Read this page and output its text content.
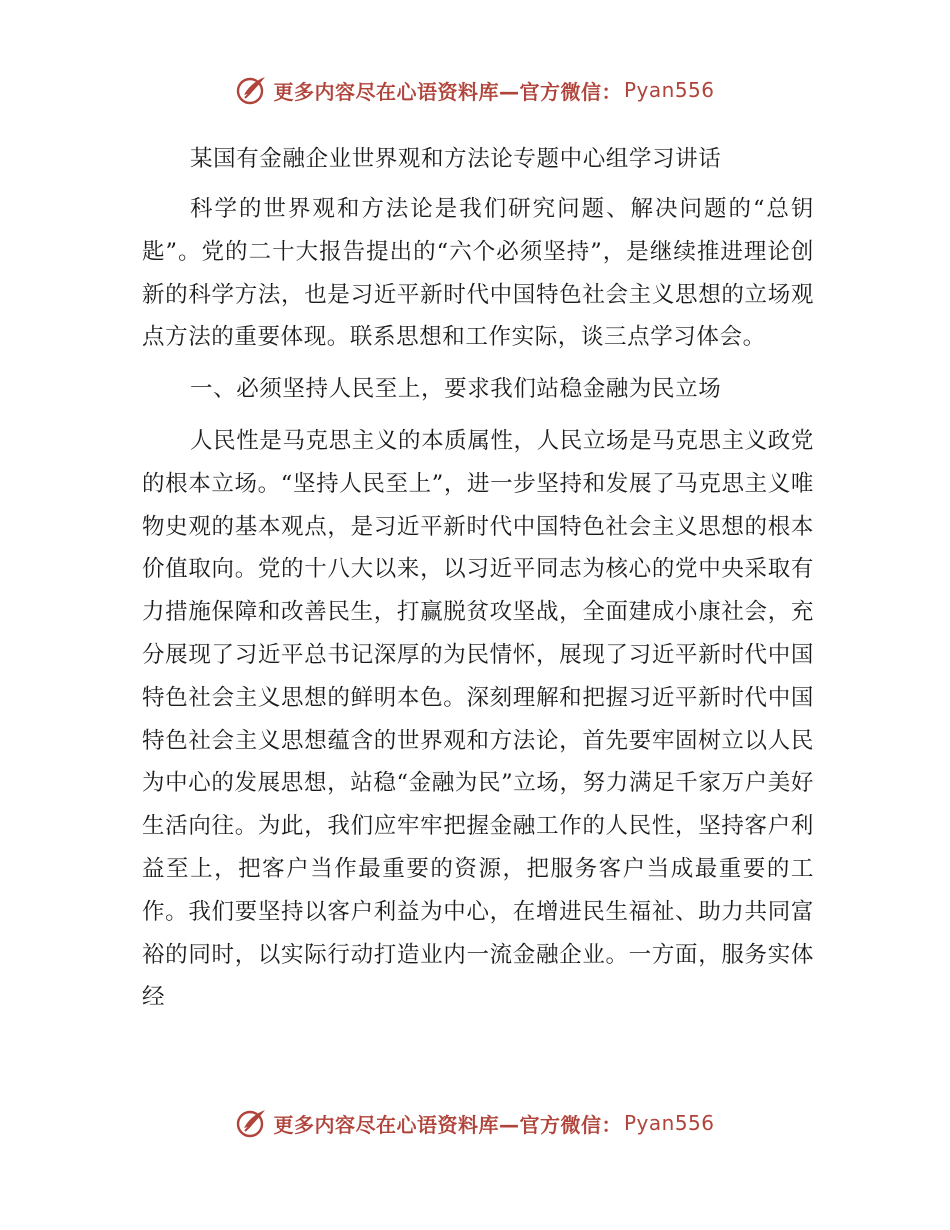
更多内容尽在心语资料库—官方微信： Pyan556
某国有金融企业世界观和方法论专题中心组学习讲话

科学的世界观和方法论是我们研究问题、解决问题的“总钥匙”。党的二十大报告提出的“六个必须坚持”，是继续推进理论创新的科学方法，也是习近平新时代中国特色社会主义思想的立场观点方法的重要体现。联系思想和工作实际，谈三点学习体会。

一、必须坚持人民至上，要求我们站稳金融为民立场

人民性是马克思主义的本质属性，人民立场是马克思主义政党的根本立场。“坚持人民至上”，进一步坚持和发展了马克思主义唯物史观的基本观点，是习近平新时代中国特色社会主义思想的根本价值取向。党的十八大以来，以习近平同志为核心的党中央采取有力措施保障和改善民生，打赢脱贫攻坚战，全面建成小康社会，充分展现了习近平总书记深厚的为民情怀，展现了习近平新时代中国特色社会主义思想的鲜明本色。深刻理解和把握习近平新时代中国特色社会主义思想蕴含的世界观和方法论，首先要牢固树立以人民为中心的发展思想，站稳“金融为民”立场，努力满足千家万户美好生活向往。为此，我们应牢牢把握金融工作的人民性，坚持客户利益至上，把客户当作最重要的资源，把服务客户当成最重要的工作。我们要坚持以客户利益为中心，在增进民生福祉、助力共同富裕的同时，以实际行动打造业内一流金融企业。一方面，服务实体经

更多内容尽在心语资料库—官方微信： Pyan556
